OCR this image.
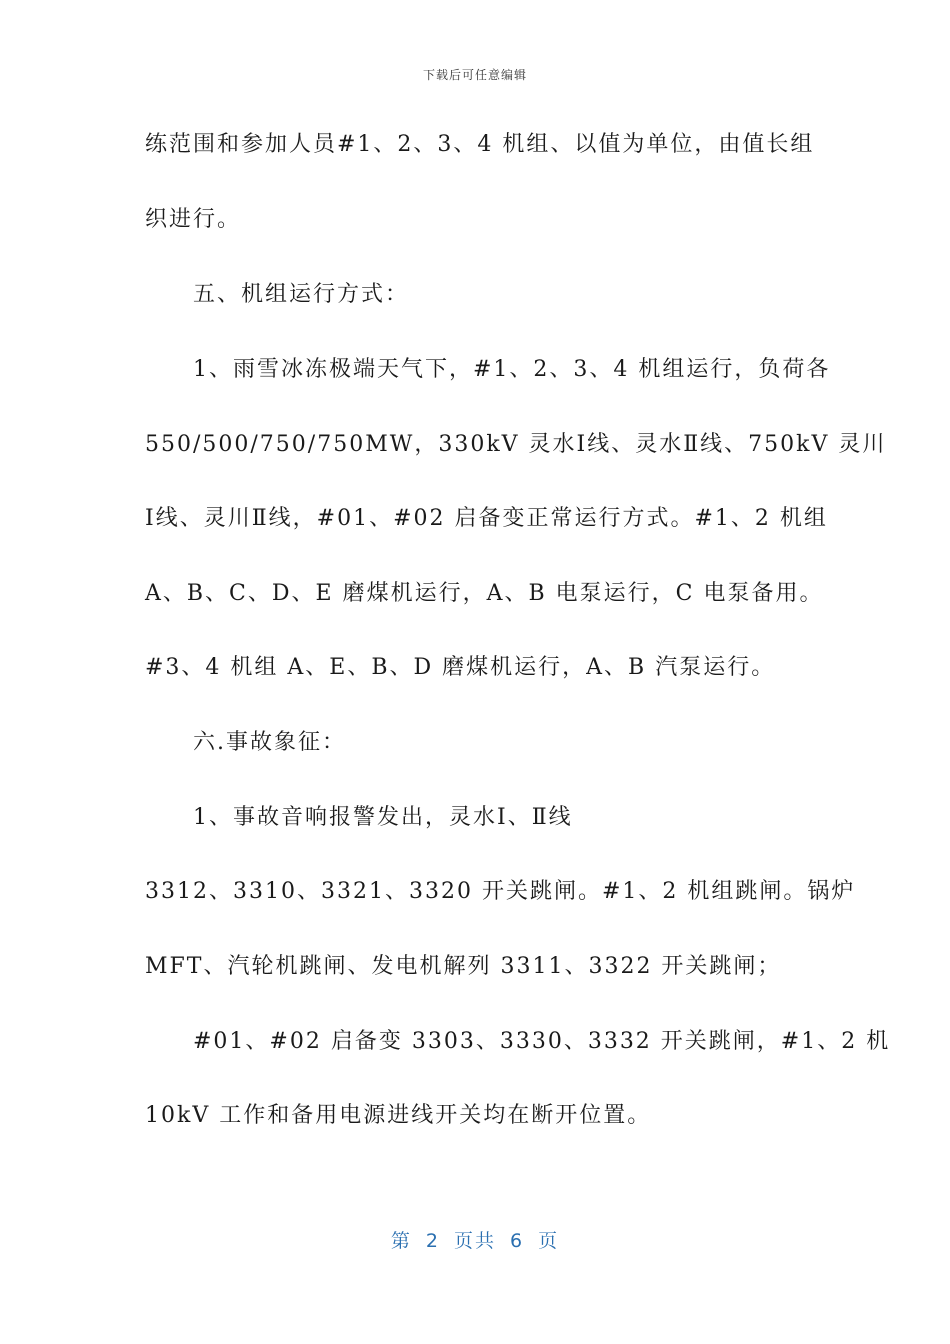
下载后可任意编辑
练范围和参加人员#1、2、3、4 机组、以值为单位，由值长组
织进行。
五、机组运行方式：
1、雨雪冰冻极端天气下，#1、2、3、4 机组运行，负荷各
550/500/750/750MW，330kV 灵水Ⅰ线、灵水Ⅱ线、750kV 灵川
Ⅰ线、灵川Ⅱ线，#01、#02 启备变正常运行方式。#1、2 机组
A、B、C、D、E 磨煤机运行，A、B 电泵运行，C 电泵备用。
#3、4 机组 A、E、B、D 磨煤机运行，A、B 汽泵运行。
六.事故象征：
1、事故音响报警发出，灵水Ⅰ、Ⅱ线
3312、3310、3321、3320 开关跳闸。#1、2 机组跳闸。锅炉
MFT、汽轮机跳闸、发电机解列 3311、3322 开关跳闸；
#01、#02 启备变 3303、3330、3332 开关跳闸，#1、2 机
10kV 工作和备用电源进线开关均在断开位置。
第 2 页共 6 页
